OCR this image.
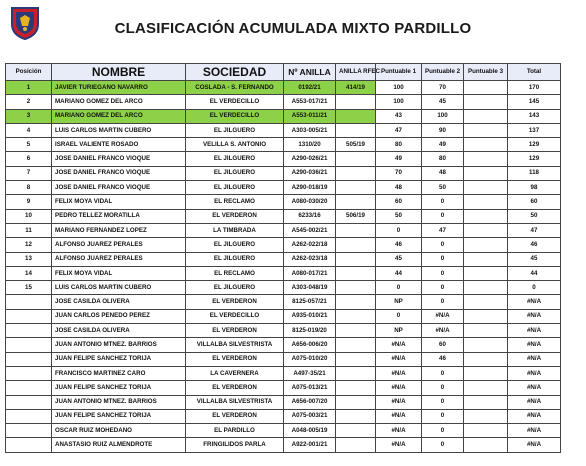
CLASIFICACIÓN ACUMULADA MIXTO PARDILLO
Posición	NOMBRE	SOCIEDAD	Nº ANILLA	ANILLA RFEC	Puntuable 1	Puntuable 2	Puntuable 3	Total
1	JAVIER TURIEGANO NAVARRO	COSLADA - S. FERNANDO	0192/21	414/19	100	70		170
2	MARIANO GOMEZ DEL ARCO	EL VERDECILLO	A553-017/21		100	45		145
3	MARIANO GOMEZ DEL ARCO	EL VERDECILLO	A553-011/21		43	100		143
4	LUIS CARLOS MARTIN CUBERO	EL JILGUERO	A303-005/21		47	90		137
5	ISRAEL VALIENTE ROSADO	VELILLA S. ANTONIO	1310/20	505/19	80	49		129
6	JOSE DANIEL FRANCO VIOQUE	EL JILGUERO	A290-026/21		49	80		129
7	JOSE DANIEL FRANCO VIOQUE	EL JILGUERO	A290-036/21		70	48		118
8	JOSE DANIEL FRANCO VIOQUE	EL JILGUERO	A290-018/19		48	50		98
9	FELIX MOYA VIDAL	EL RECLAMO	A080-030/20		60	0		60
10	PEDRO TELLEZ MORATILLA	EL VERDERON	6233/16	506/19	50	0		50
11	MARIANO FERNANDEZ LOPEZ	LA TIMBRADA	A545-002/21		0	47		47
12	ALFONSO JUAREZ PERALES	EL JILGUERO	A262-022/18		46	0		46
13	ALFONSO JUAREZ PERALES	EL JILGUERO	A262-023/18		45	0		45
14	FELIX MOYA VIDAL	EL RECLAMO	A080-017/21		44	0		44
15	LUIS CARLOS MARTIN CUBERO	EL JILGUERO	A303-048/19		0	0		0
	JOSE CASILDA OLIVERA	EL VERDERON	8125-057/21		NP	0		#N/A
	JUAN CARLOS PENEDO PEREZ	EL VERDECILLO	A935-010/21		0	#N/A		#N/A
	JOSE CASILDA OLIVERA	EL VERDERON	8125-019/20		NP	#N/A		#N/A
	JUAN ANTONIO MTNEZ. BARRIOS	VILLALBA SILVESTRISTA	A656-006/20		#N/A	60		#N/A
	JUAN FELIPE SANCHEZ TORIJA	EL VERDERON	A075-010/20		#N/A	46		#N/A
	FRANCISCO MARTINEZ CARO	LA CAVERNERA	A497-35/21		#N/A	0		#N/A
	JUAN FELIPE SANCHEZ TORIJA	EL VERDERON	A075-013/21		#N/A	0		#N/A
	JUAN ANTONIO MTNEZ. BARRIOS	VILLALBA SILVESTRISTA	A656-007/20		#N/A	0		#N/A
	JUAN FELIPE SANCHEZ TORIJA	EL VERDERON	A075-003/21		#N/A	0		#N/A
	OSCAR RUIZ MOHEDANO	EL PARDILLO	A048-005/19		#N/A	0		#N/A
	ANASTASIO RUIZ ALMENDROTE	FRINGILIDOS PARLA	A922-001/21		#N/A	0		#N/A
